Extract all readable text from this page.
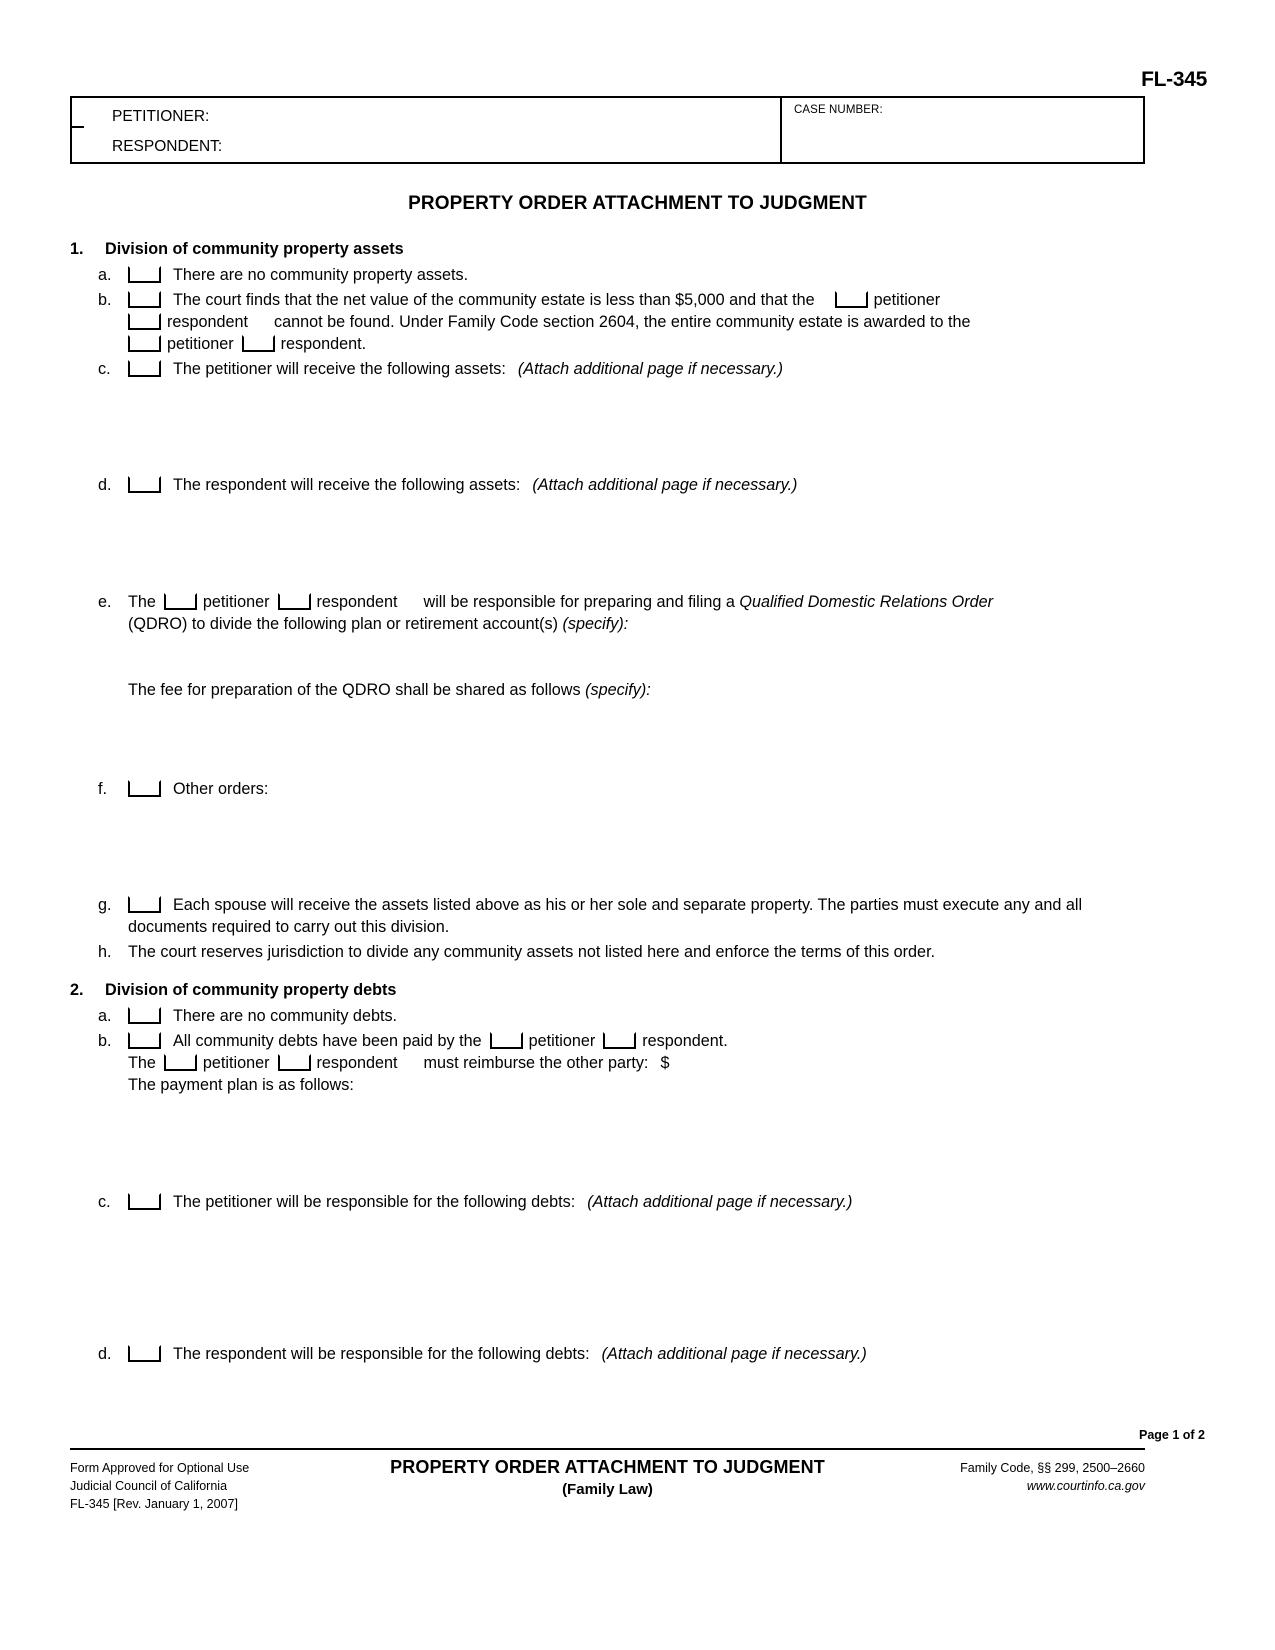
FL-345
PETITIONER:
RESPONDENT:
CASE NUMBER:
PROPERTY ORDER ATTACHMENT TO JUDGMENT
1.	Division of community property assets
a.	There are no community property assets.
b.	The court finds that the net value of the community estate is less than $5,000 and that the	petitioner
respondent cannot be found. Under Family Code section 2604, the entire community estate is awarded to the
petitioner	respondent.
c.	The petitioner will receive the following assets: (Attach additional page if necessary.)
d.	The respondent will receive the following assets: (Attach additional page if necessary.)
e.	The	petitioner	respondent will be responsible for preparing and filing a Qualified Domestic Relations Order
(QDRO) to divide the following plan or retirement account(s) (specify):
The fee for preparation of the QDRO shall be shared as follows (specify):
f.	Other orders:
g.	Each spouse will receive the assets listed above as his or her sole and separate property. The parties must execute any and all documents required to carry out this division.
h.	The court reserves jurisdiction to divide any community assets not listed here and enforce the terms of this order.
2.	Division of community property debts
a.	There are no community debts.
b.	All community debts have been paid by the	petitioner	respondent.
The	petitioner	respondent must reimburse the other party: $
The payment plan is as follows:
c.	The petitioner will be responsible for the following debts: (Attach additional page if necessary.)
d.	The respondent will be responsible for the following debts: (Attach additional page if necessary.)
Page 1 of 2
Form Approved for Optional Use
Judicial Council of California
FL-345 [Rev. January 1, 2007]
PROPERTY ORDER ATTACHMENT TO JUDGMENT
(Family Law)
Family Code, §§ 299, 2500–2660
www.courtinfo.ca.gov
